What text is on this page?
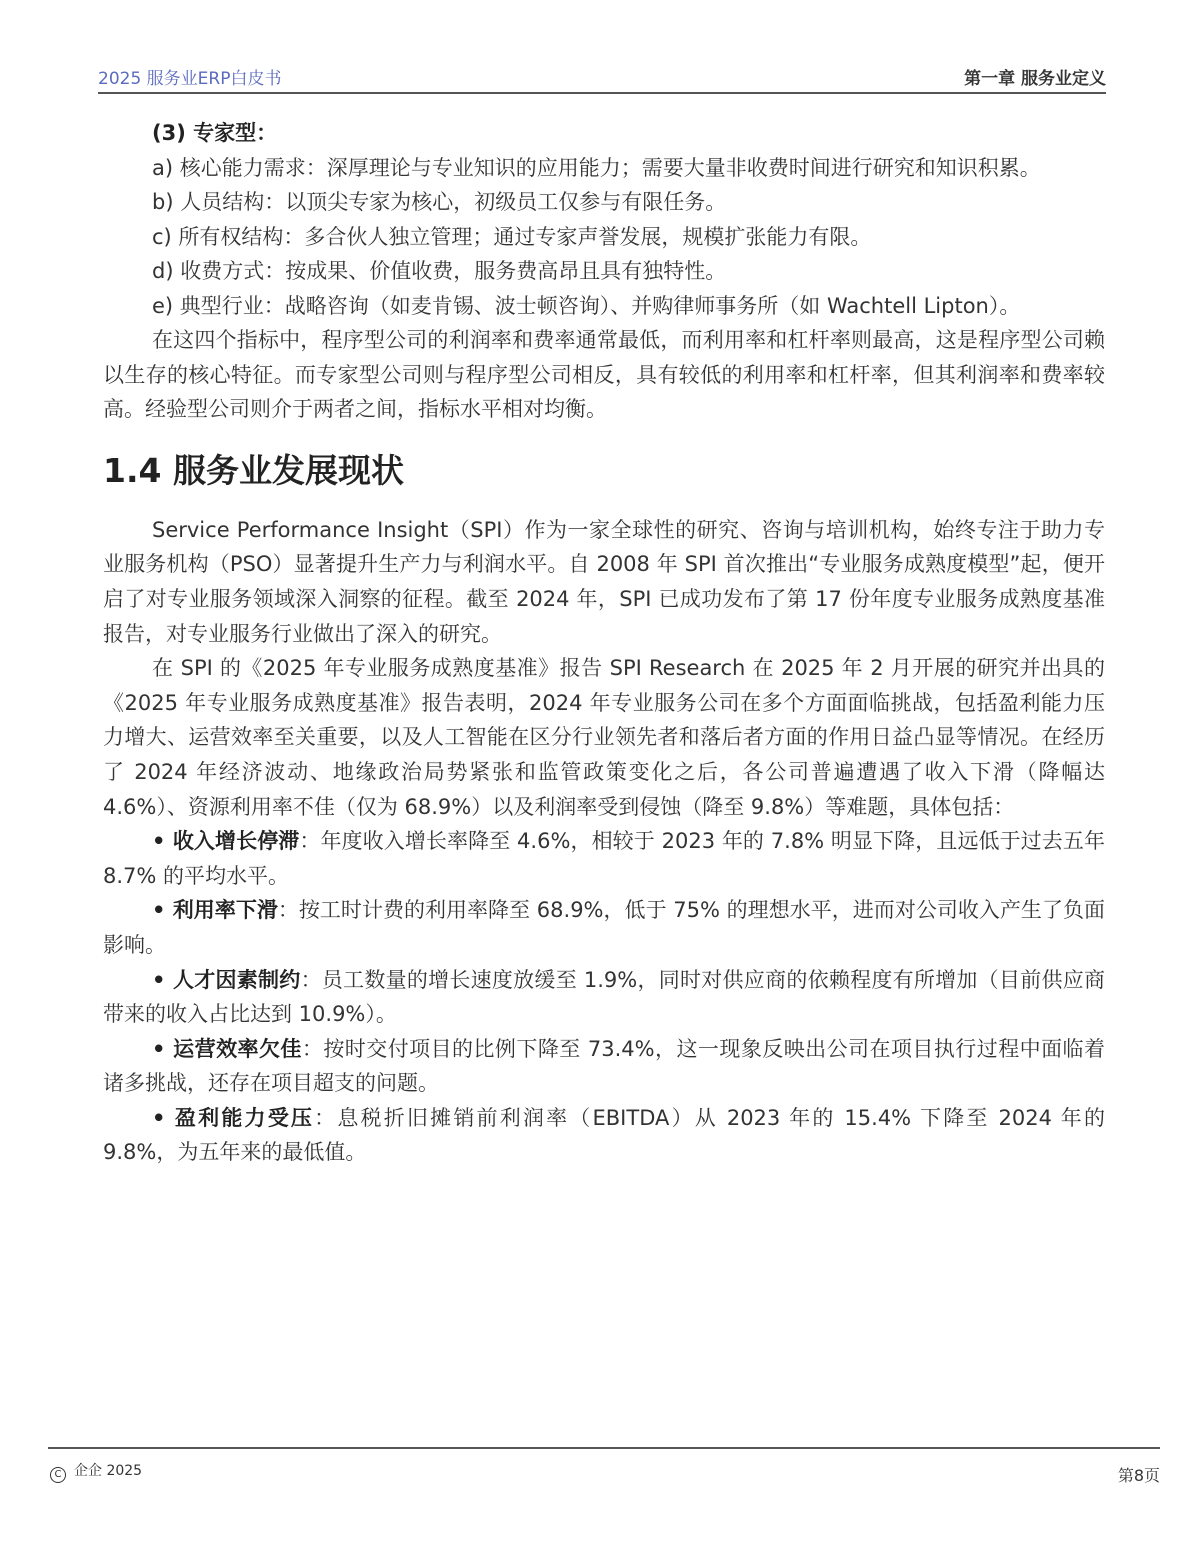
2025 服务业ERP白皮书	第一章 服务业定义
(3) 专家型：
a) 核心能力需求：深厚理论与专业知识的应用能力；需要大量非收费时间进行研究和知识积累。
b) 人员结构：以顶尖专家为核心，初级员工仅参与有限任务。
c) 所有权结构：多合伙人独立管理；通过专家声誉发展，规模扩张能力有限。
d) 收费方式：按成果、价值收费，服务费高昂且具有独特性。
e) 典型行业：战略咨询（如麦肯锡、波士顿咨询）、并购律师事务所（如 Wachtell Lipton）。

在这四个指标中，程序型公司的利润率和费率通常最低，而利用率和杠杆率则最高，这是程序型公司赖以生存的核心特征。而专家型公司则与程序型公司相反，具有较低的利用率和杠杆率，但其利润率和费率较高。经验型公司则介于两者之间，指标水平相对均衡。

1.4 服务业发展现状

Service Performance Insight（SPI）作为一家全球性的研究、咨询与培训机构，始终专注于助力专业服务机构（PSO）显著提升生产力与利润水平。自 2008 年 SPI 首次推出“专业服务成熟度模型”起，便开启了对专业服务领域深入洞察的征程。截至 2024 年，SPI 已成功发布了第 17 份年度专业服务成熟度基准报告，对专业服务行业做出了深入的研究。

在 SPI 的《2025 年专业服务成熟度基准》报告 SPI Research 在 2025 年 2 月开展的研究并出具的《2025 年专业服务成熟度基准》报告表明，2024 年专业服务公司在多个方面面临挑战，包括盈利能力压力增大、运营效率至关重要，以及人工智能在区分行业领先者和落后者方面的作用日益凸显等情况。在经历了 2024 年经济波动、地缘政治局势紧张和监管政策变化之后，各公司普遍遭遇了收入下滑（降幅达 4.6%）、资源利用率不佳（仅为 68.9%）以及利润率受到侵蚀（降至 9.8%）等难题，具体包括：

• 收入增长停滞：年度收入增长率降至 4.6%，相较于 2023 年的 7.8% 明显下降，且远低于过去五年 8.7% 的平均水平。

• 利用率下滑：按工时计费的利用率降至 68.9%，低于 75% 的理想水平，进而对公司收入产生了负面影响。

• 人才因素制约：员工数量的增长速度放缓至 1.9%，同时对供应商的依赖程度有所增加（目前供应商带来的收入占比达到 10.9%）。

• 运营效率欠佳：按时交付项目的比例下降至 73.4%，这一现象反映出公司在项目执行过程中面临着诸多挑战，还存在项目超支的问题。

• 盈利能力受压：息税折旧摊销前利润率（EBITDA）从 2023 年的 15.4% 下降至 2024 年的 9.8%，为五年来的最低值。

C 企企 2025	第8页
